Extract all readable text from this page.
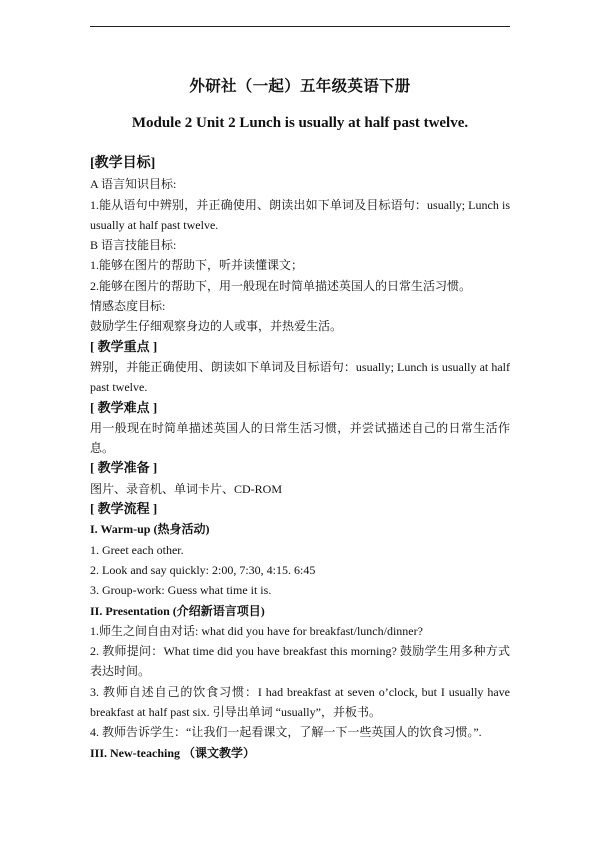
外研社（一起）五年级英语下册
Module 2 Unit 2 Lunch is usually at half past twelve.
[教学目标]
A 语言知识目标:
1.能从语句中辨别，并正确使用、朗读出如下单词及目标语句：usually; Lunch is
usually at half past twelve.
B 语言技能目标:
1.能够在图片的帮助下，听并读懂课文；
2.能够在图片的帮助下，用一般现在时简单描述英国人的日常生活习惯。
情感态度目标:
鼓励学生仔细观察身边的人或事，并热爱生活。
[ 教学重点 ]
辨别，并能正确使用、朗读如下单词及目标语句：usually; Lunch is usually at half
past twelve.
[ 教学难点 ]
用一般现在时简单描述英国人的日常生活习惯，并尝试描述自己的日常生活作
息。
[ 教学准备 ]
图片、录音机、单词卡片、CD-ROM
[ 教学流程 ]
I. Warm-up (热身活动)
1. Greet each other.
2. Look and say quickly: 2:00, 7:30, 4:15. 6:45
3. Group-work: Guess what time it is.
II. Presentation (介绍新语言项目)
1.师生之间自由对话: what did you have for breakfast/lunch/dinner?
2. 教师提问：What time did you have breakfast this morning? 鼓励学生用多种方式
表达时间。
3. 教师自述自己的饮食习惯：I had breakfast at seven o’clock, but I usually have
breakfast at half past six. 引导出单词 “usually”，并板书。
4. 教师告诉学生：“让我们一起看课文，了解一下一些英国人的饮食习惯。”.
III. New-teaching （课文教学）
